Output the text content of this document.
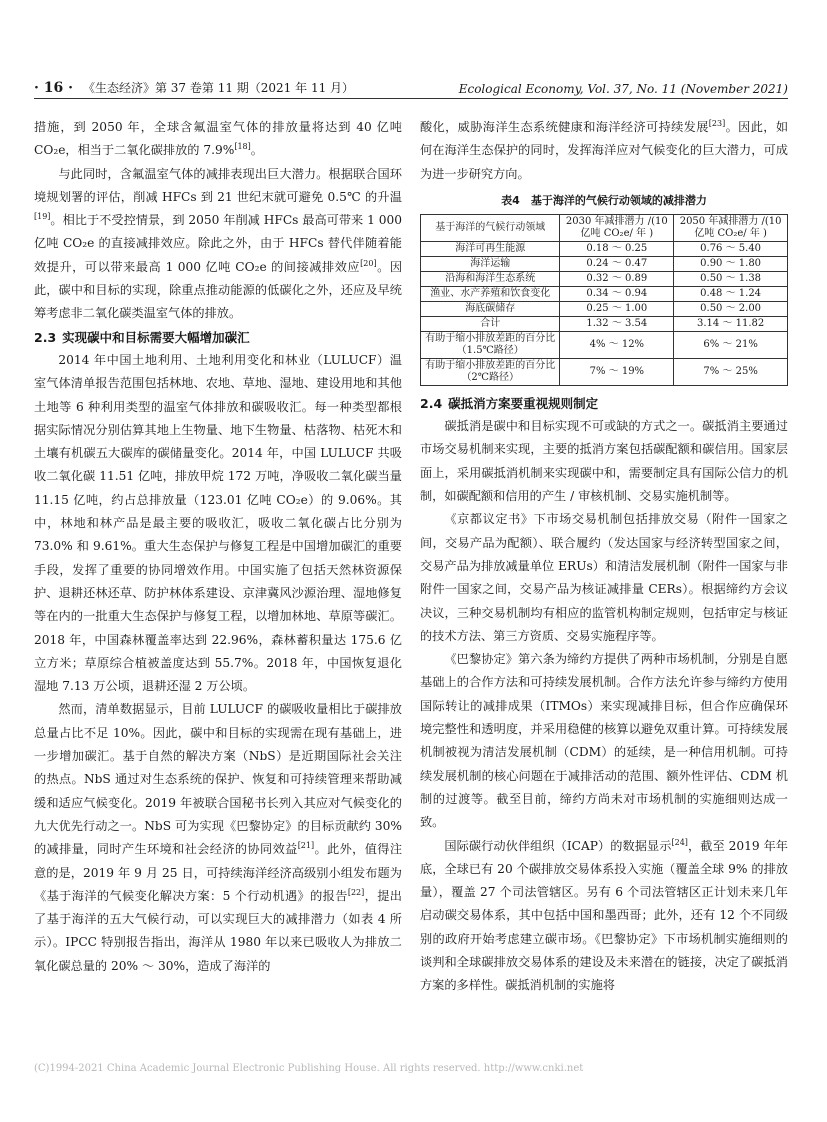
· 16 · 《生态经济》第 37 卷第 11 期（2021 年 11 月）	Ecological Economy, Vol. 37, No. 11 (November 2021)

措施，到 2050 年，全球含氟温室气体的排放量将达到 40 亿吨 CO₂e，相当于二氧化碳排放的 7.9%[18]。

与此同时，含氟温室气体的减排表现出巨大潜力。根据联合国环境规划署的评估，削减 HFCs 到 21 世纪末就可避免 0.5℃ 的升温[19]。相比于不受控情景，到 2050 年削减 HFCs 最高可带来 1 000 亿吨 CO₂e 的直接减排效应。除此之外，由于 HFCs 替代伴随着能效提升，可以带来最高 1 000 亿吨 CO₂e 的间接减排效应[20]。因此，碳中和目标的实现，除重点推动能源的低碳化之外，还应及早统筹考虑非二氧化碳类温室气体的排放。

2.3 实现碳中和目标需要大幅增加碳汇

2014 年中国土地利用、土地利用变化和林业（LULUCF）温室气体清单报告范围包括林地、农地、草地、湿地、建设用地和其他土地等 6 种利用类型的温室气体排放和碳吸收汇。每一种类型都根据实际情况分别估算其地上生物量、地下生物量、枯落物、枯死木和土壤有机碳五大碳库的碳储量变化。2014 年，中国 LULUCF 共吸收二氧化碳 11.51 亿吨，排放甲烷 172 万吨，净吸收二氧化碳当量 11.15 亿吨，约占总排放量（123.01 亿吨 CO₂e）的 9.06%。其中，林地和林产品是最主要的吸收汇，吸收二氧化碳占比分别为 73.0% 和 9.61%。重大生态保护与修复工程是中国增加碳汇的重要手段，发挥了重要的协同增效作用。中国实施了包括天然林资源保护、退耕还林还草、防护林体系建设、京津冀风沙源治理、湿地修复等在内的一批重大生态保护与修复工程，以增加林地、草原等碳汇。2018 年，中国森林覆盖率达到 22.96%，森林蓄积量达 175.6 亿立方米；草原综合植被盖度达到 55.7%。2018 年，中国恢复退化湿地 7.13 万公顷，退耕还湿 2 万公顷。

然而，清单数据显示，目前 LULUCF 的碳吸收量相比于碳排放总量占比不足 10%。因此，碳中和目标的实现需在现有基础上，进一步增加碳汇。基于自然的解决方案（NbS）是近期国际社会关注的热点。NbS 通过对生态系统的保护、恢复和可持续管理来帮助减缓和适应气候变化。2019 年被联合国秘书长列入其应对气候变化的九大优先行动之一。NbS 可为实现《巴黎协定》的目标贡献约 30% 的减排量，同时产生环境和社会经济的协同效益[21]。此外，值得注意的是，2019 年 9 月 25 日，可持续海洋经济高级别小组发布题为《基于海洋的气候变化解决方案：5 个行动机遇》的报告[22]，提出了基于海洋的五大气候行动，可以实现巨大的减排潜力（如表 4 所示）。IPCC 特别报告指出，海洋从 1980 年以来已吸收人为排放二氧化碳总量的 20% ～ 30%，造成了海洋的

酸化，威胁海洋生态系统健康和海洋经济可持续发展[23]。因此，如何在海洋生态保护的同时，发挥海洋应对气候变化的巨大潜力，可成为进一步研究方向。

表4　基于海洋的气候行动领域的减排潜力
基于海洋的气候行动领域	2030 年减排潜力 /(10 亿吨 CO₂e/ 年 )	2050 年减排潜力 /(10 亿吨 CO₂e/ 年 )
海洋可再生能源	0.18 ～ 0.25	0.76 ～ 5.40
海洋运输	0.24 ～ 0.47	0.90 ～ 1.80
沿海和海洋生态系统	0.32 ～ 0.89	0.50 ～ 1.38
渔业、水产养殖和饮食变化	0.34 ～ 0.94	0.48 ～ 1.24
海底碳储存	0.25 ～ 1.00	0.50 ～ 2.00
合计	1.32 ～ 3.54	3.14 ～ 11.82
有助于缩小排放差距的百分比（1.5℃路径）	4% ～ 12%	6% ～ 21%
有助于缩小排放差距的百分比（2℃路径）	7% ～ 19%	7% ～ 25%
2.4 碳抵消方案要重视规则制定

碳抵消是碳中和目标实现不可或缺的方式之一。碳抵消主要通过市场交易机制来实现，主要的抵消方案包括碳配额和碳信用。国家层面上，采用碳抵消机制来实现碳中和，需要制定具有国际公信力的机制，如碳配额和信用的产生 / 审核机制、交易实施机制等。

《京都议定书》下市场交易机制包括排放交易（附件一国家之间，交易产品为配额）、联合履约（发达国家与经济转型国家之间，交易产品为排放减量单位 ERUs）和清洁发展机制（附件一国家与非附件一国家之间，交易产品为核证减排量 CERs）。根据缔约方会议决议，三种交易机制均有相应的监管机构制定规则，包括审定与核证的技术方法、第三方资质、交易实施程序等。

《巴黎协定》第六条为缔约方提供了两种市场机制，分别是自愿基础上的合作方法和可持续发展机制。合作方法允许参与缔约方使用国际转让的减排成果（ITMOs）来实现减排目标，但合作应确保环境完整性和透明度，并采用稳健的核算以避免双重计算。可持续发展机制被视为清洁发展机制（CDM）的延续，是一种信用机制。可持续发展机制的核心问题在于减排活动的范围、额外性评估、CDM 机制的过渡等。截至目前，缔约方尚未对市场机制的实施细则达成一致。

国际碳行动伙伴组织（ICAP）的数据显示[24]，截至 2019 年年底，全球已有 20 个碳排放交易体系投入实施（覆盖全球 9% 的排放量），覆盖 27 个司法管辖区。另有 6 个司法管辖区正计划未来几年启动碳交易体系，其中包括中国和墨西哥；此外，还有 12 个不同级别的政府开始考虑建立碳市场。《巴黎协定》下市场机制实施细则的谈判和全球碳排放交易体系的建设及未来潜在的链接，决定了碳抵消方案的多样性。碳抵消机制的实施将

(C)1994-2021 China Academic Journal Electronic Publishing House. All rights reserved. http://www.cnki.net
